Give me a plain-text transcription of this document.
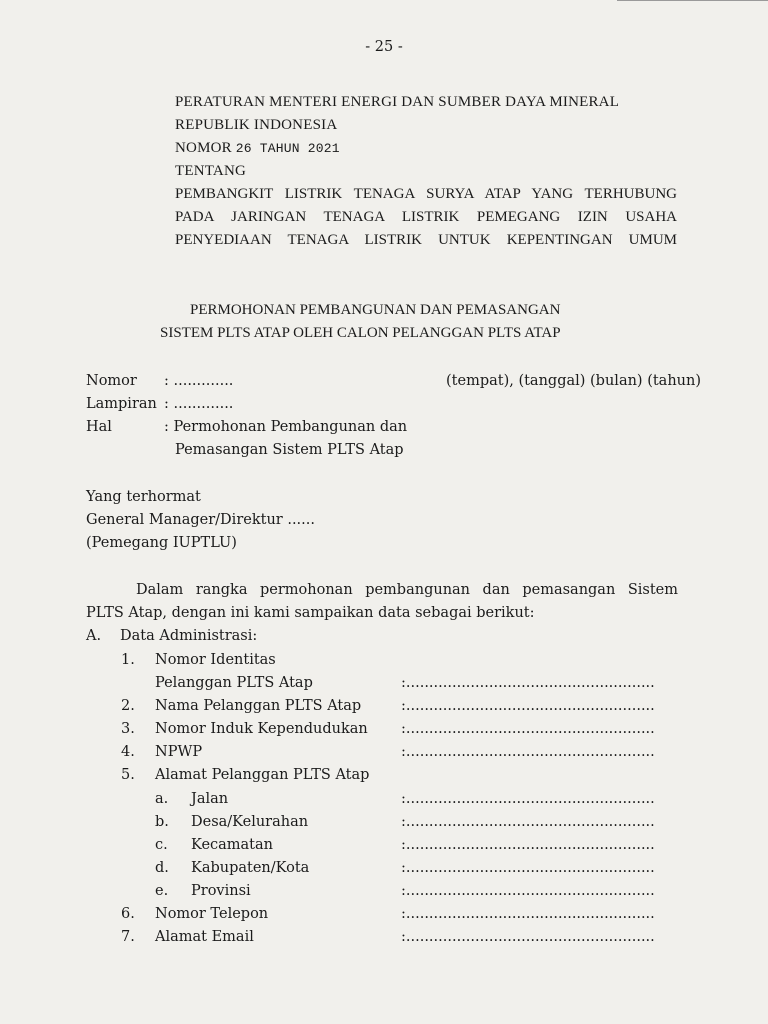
- 25 -
PERATURAN MENTERI ENERGI DAN SUMBER DAYA MINERAL
REPUBLIK INDONESIA
NOMOR 26 TAHUN 2021
TENTANG
PEMBANGKIT LISTRIK TENAGA SURYA ATAP YANG TERHUBUNG
PADA JARINGAN TENAGA LISTRIK PEMEGANG IZIN USAHA
PENYEDIAAN TENAGA LISTRIK UNTUK KEPENTINGAN UMUM
PERMOHONAN PEMBANGUNAN DAN PEMASANGAN
SISTEM PLTS ATAP OLEH CALON PELANGGAN PLTS ATAP
Nomor : .............	(tempat), (tanggal) (bulan) (tahun)
Lampiran : .............
Hal	: Permohonan Pembangunan dan
Pemasangan Sistem PLTS Atap
Yang terhormat
General Manager/Direktur ......
(Pemegang IUPTLU)
Dalam rangka permohonan pembangunan dan pemasangan Sistem
PLTS Atap, dengan ini kami sampaikan data sebagai berikut:
A. Data Administrasi:
1. Nomor Identitas
Pelanggan PLTS Atap	:......................................................
2. Nama Pelanggan PLTS Atap	:......................................................
3. Nomor Induk Kependudukan :......................................................
4. NPWP	:......................................................
5. Alamat Pelanggan PLTS Atap
a. Jalan	:......................................................
b. Desa/Kelurahan	:......................................................
c. Kecamatan	:......................................................
d. Kabupaten/Kota	:......................................................
e. Provinsi	:......................................................
6. Nomor Telepon	:......................................................
7. Alamat Email	:......................................................
